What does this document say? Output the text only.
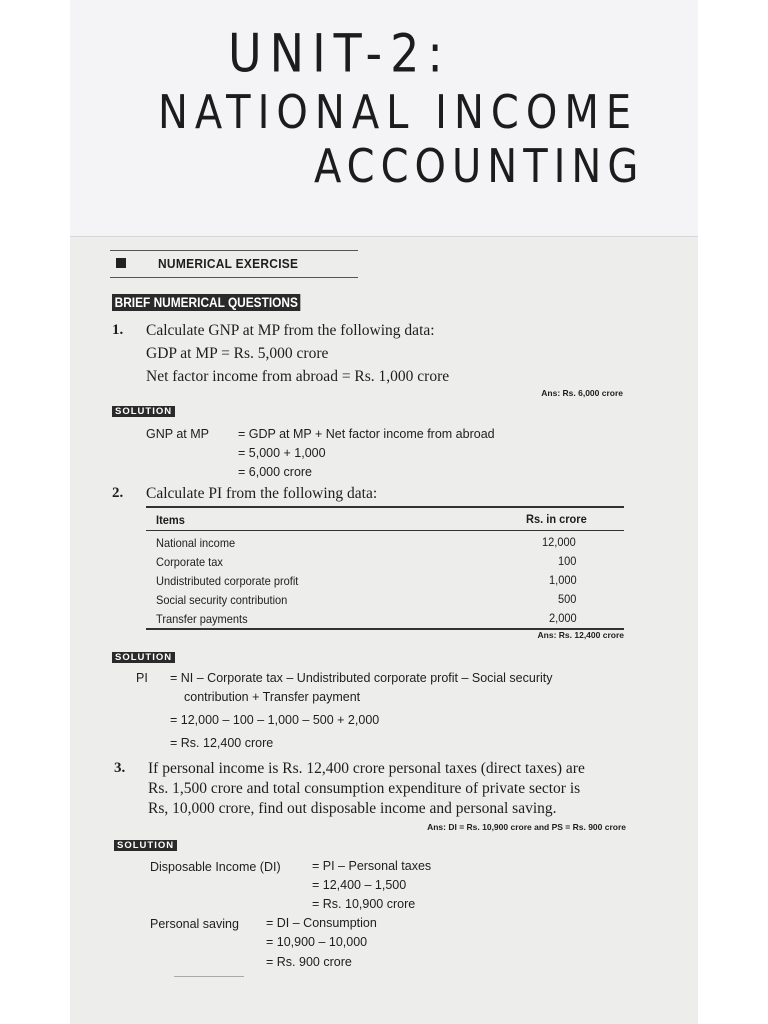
UNIT-2:
NATIONAL INCOME
ACCOUNTING
NUMERICAL EXERCISE
BRIEF NUMERICAL QUESTIONS
1. Calculate GNP at MP from the following data:
GDP at MP = Rs. 5,000 crore
Net factor income from abroad = Rs. 1,000 crore
Ans: Rs. 6,000 crore
SOLUTION
GNP at MP = GDP at MP + Net factor income from abroad
= 5,000 + 1,000
= 6,000 crore
2. Calculate PI from the following data:
Items	Rs. in crore
National income	12,000
Corporate tax	100
Undistributed corporate profit	1,000
Social security contribution	500
Transfer payments	2,000
Ans: Rs. 12,400 crore
SOLUTION
PI = NI – Corporate tax – Undistributed corporate profit – Social security
contribution + Transfer payment
= 12,000 – 100 – 1,000 – 500 + 2,000
= Rs. 12,400 crore
3. If personal income is Rs. 12,400 crore personal taxes (direct taxes) are
Rs. 1,500 crore and total consumption expenditure of private sector is
Rs, 10,000 crore, find out disposable income and personal saving.
Ans: DI = Rs. 10,900 crore and PS = Rs. 900 crore
SOLUTION
Disposable Income (DI)	= PI – Personal taxes
= 12,400 – 1,500
= Rs. 10,900 crore
Personal saving = DI – Consumption
= 10,900 – 10,000
= Rs. 900 crore
